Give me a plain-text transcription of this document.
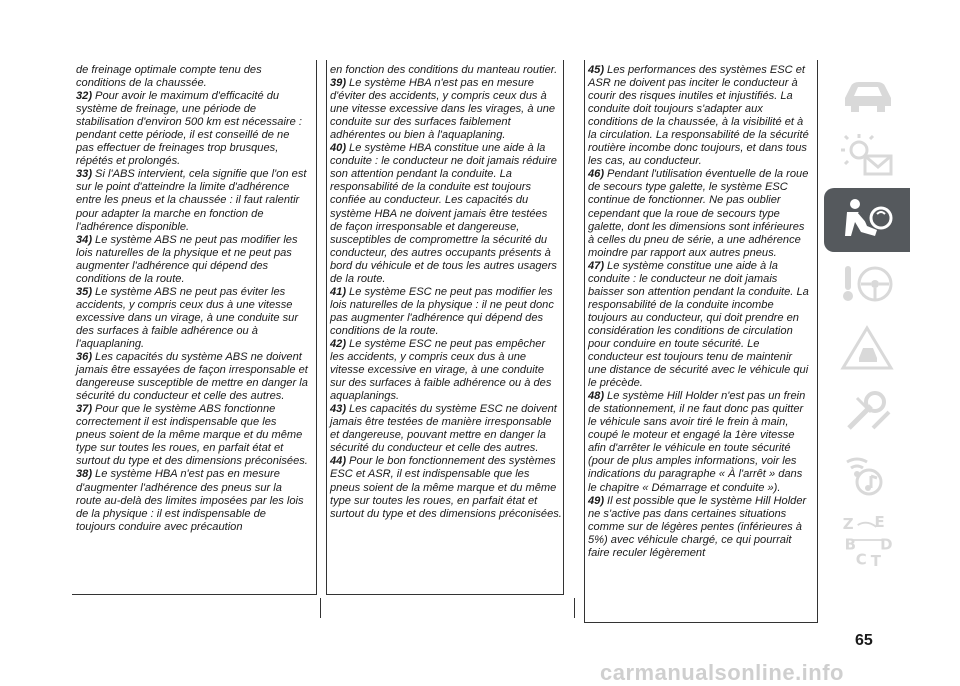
de freinage optimale compte tenu des conditions de la chaussée.

32) Pour avoir le maximum d'efficacité du système de freinage, une période de stabilisation d'environ 500 km est nécessaire : pendant cette période, il est conseillé de ne pas effectuer de freinages trop brusques, répétés et prolongés.

33) Si l'ABS intervient, cela signifie que l'on est sur le point d'atteindre la limite d'adhérence entre les pneus et la chaussée : il faut ralentir pour adapter la marche en fonction de l'adhérence disponible.

34) Le système ABS ne peut pas modifier les lois naturelles de la physique et ne peut pas augmenter l'adhérence qui dépend des conditions de la route.

35) Le système ABS ne peut pas éviter les accidents, y compris ceux dus à une vitesse excessive dans un virage, à une conduite sur des surfaces à faible adhérence ou à l'aquaplaning.

36) Les capacités du système ABS ne doivent jamais être essayées de façon irresponsable et dangereuse susceptible de mettre en danger la sécurité du conducteur et celle des autres.

37) Pour que le système ABS fonctionne correctement il est indispensable que les pneus soient de la même marque et du même type sur toutes les roues, en parfait état et surtout du type et des dimensions préconisées.

38) Le système HBA n'est pas en mesure d'augmenter l'adhérence des pneus sur la route au-delà des limites imposées par les lois de la physique : il est indispensable de toujours conduire avec précaution

en fonction des conditions du manteau routier.

39) Le système HBA n'est pas en mesure d'éviter des accidents, y compris ceux dus à une vitesse excessive dans les virages, à une conduite sur des surfaces faiblement adhérentes ou bien à l'aquaplaning.

40) Le système HBA constitue une aide à la conduite : le conducteur ne doit jamais réduire son attention pendant la conduite. La responsabilité de la conduite est toujours confiée au conducteur. Les capacités du système HBA ne doivent jamais être testées de façon irresponsable et dangereuse, susceptibles de compromettre la sécurité du conducteur, des autres occupants présents à bord du véhicule et de tous les autres usagers de la route.

41) Le système ESC ne peut pas modifier les lois naturelles de la physique : il ne peut donc pas augmenter l'adhérence qui dépend des conditions de la route.

42) Le système ESC ne peut pas empêcher les accidents, y compris ceux dus à une vitesse excessive en virage, à une conduite sur des surfaces à faible adhérence ou à des aquaplanings.

43) Les capacités du système ESC ne doivent jamais être testées de manière irresponsable et dangereuse, pouvant mettre en danger la sécurité du conducteur et celle des autres.

44) Pour le bon fonctionnement des systèmes ESC et ASR, il est indispensable que les pneus soient de la même marque et du même type sur toutes les roues, en parfait état et surtout du type et des dimensions préconisées.

45) Les performances des systèmes ESC et ASR ne doivent pas inciter le conducteur à courir des risques inutiles et injustifiés. La conduite doit toujours s'adapter aux conditions de la chaussée, à la visibilité et à la circulation. La responsabilité de la sécurité routière incombe donc toujours, et dans tous les cas, au conducteur.

46) Pendant l'utilisation éventuelle de la roue de secours type galette, le système ESC continue de fonctionner. Ne pas oublier cependant que la roue de secours type galette, dont les dimensions sont inférieures à celles du pneu de série, a une adhérence moindre par rapport aux autres pneus.

47) Le système constitue une aide à la conduite : le conducteur ne doit jamais baisser son attention pendant la conduite. La responsabilité de la conduite incombe toujours au conducteur, qui doit prendre en considération les conditions de circulation pour conduire en toute sécurité. Le conducteur est toujours tenu de maintenir une distance de sécurité avec le véhicule qui le précède.

48) Le système Hill Holder n'est pas un frein de stationnement, il ne faut donc pas quitter le véhicule sans avoir tiré le frein à main, coupé le moteur et engagé la 1ère vitesse afin d'arrêter le véhicule en toute sécurité (pour de plus amples informations, voir les indications du paragraphe « À l'arrêt » dans le chapitre « Démarrage et conduite »).

49) Il est possible que le système Hill Holder ne s'active pas dans certaines situations comme sur de légères pentes (inférieures à 5%) avec véhicule chargé, ce qui pourrait faire reculer légèrement

Z E
B D
C T
65
carmanualsonline.info
